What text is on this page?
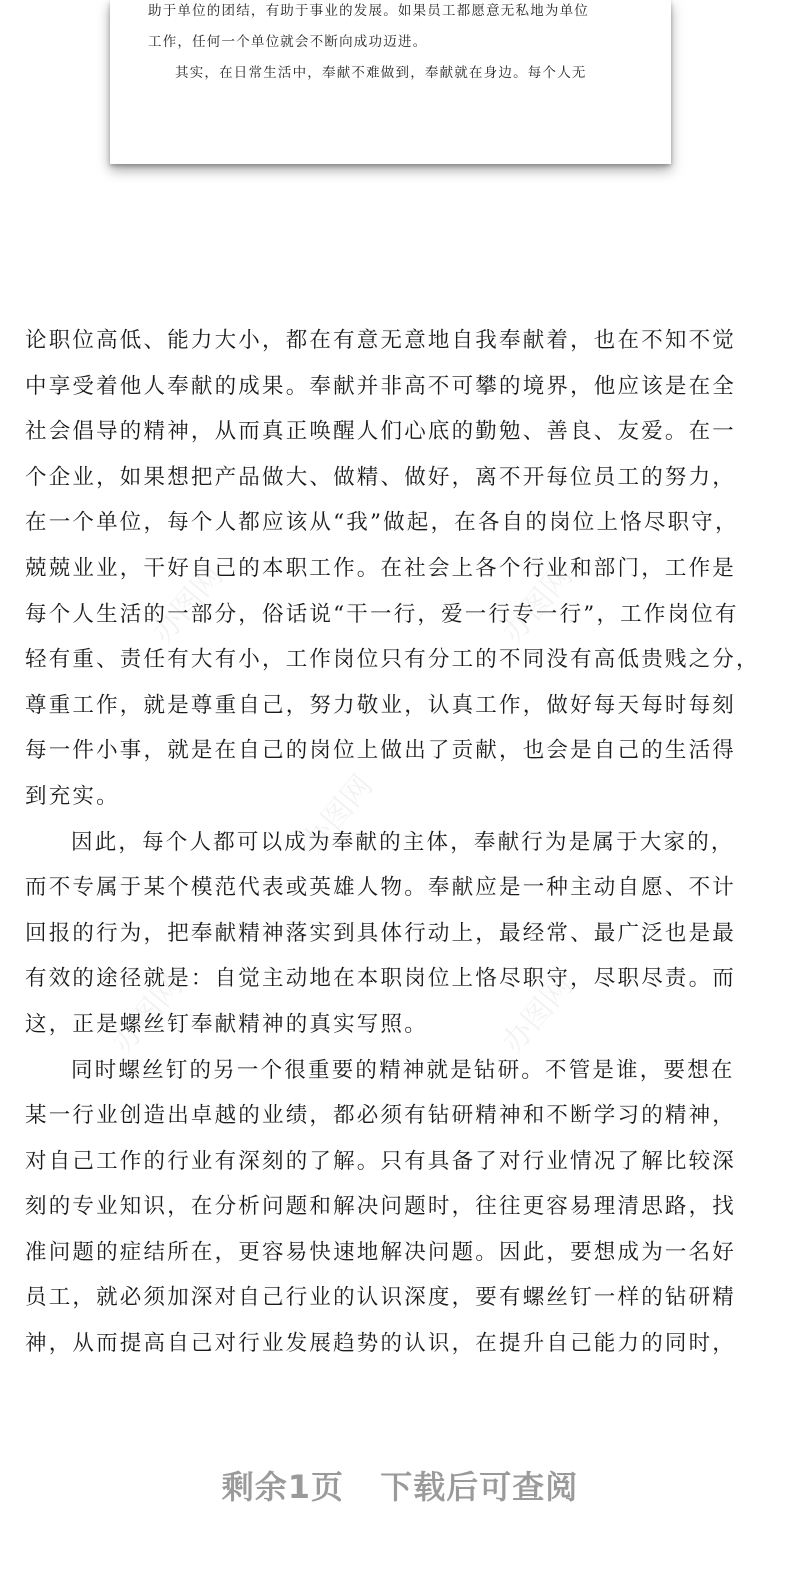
助于单位的团结，有助于事业的发展。如果员工都愿意无私地为单位
工作，任何一个单位就会不断向成功迈进。
其实，在日常生活中，奉献不难做到，奉献就在身边。每个人无
办图网	办图网
办图网
办图网	办图网
论职位高低、能力大小，都在有意无意地自我奉献着，也在不知不觉
中享受着他人奉献的成果。奉献并非高不可攀的境界，他应该是在全
社会倡导的精神，从而真正唤醒人们心底的勤勉、善良、友爱。在一
个企业，如果想把产品做大、做精、做好，离不开每位员工的努力，
在一个单位，每个人都应该从“我”做起，在各自的岗位上恪尽职守，
兢兢业业，干好自己的本职工作。在社会上各个行业和部门，工作是
每个人生活的一部分，俗话说“干一行，爱一行专一行”，工作岗位有
轻有重、责任有大有小，工作岗位只有分工的不同没有高低贵贱之分，
尊重工作，就是尊重自己，努力敬业，认真工作，做好每天每时每刻
每一件小事，就是在自己的岗位上做出了贡献，也会是自己的生活得
到充实。
因此，每个人都可以成为奉献的主体，奉献行为是属于大家的，
而不专属于某个模范代表或英雄人物。奉献应是一种主动自愿、不计
回报的行为，把奉献精神落实到具体行动上，最经常、最广泛也是最
有效的途径就是：自觉主动地在本职岗位上恪尽职守，尽职尽责。而
这，正是螺丝钉奉献精神的真实写照。
同时螺丝钉的另一个很重要的精神就是钻研。不管是谁，要想在
某一行业创造出卓越的业绩，都必须有钻研精神和不断学习的精神，
对自己工作的行业有深刻的了解。只有具备了对行业情况了解比较深
刻的专业知识，在分析问题和解决问题时，往往更容易理清思路，找
准问题的症结所在，更容易快速地解决问题。因此，要想成为一名好
员工，就必须加深对自己行业的认识深度，要有螺丝钉一样的钻研精
神，从而提高自己对行业发展趋势的认识，在提升自己能力的同时，
剩余1页 下载后可查阅
